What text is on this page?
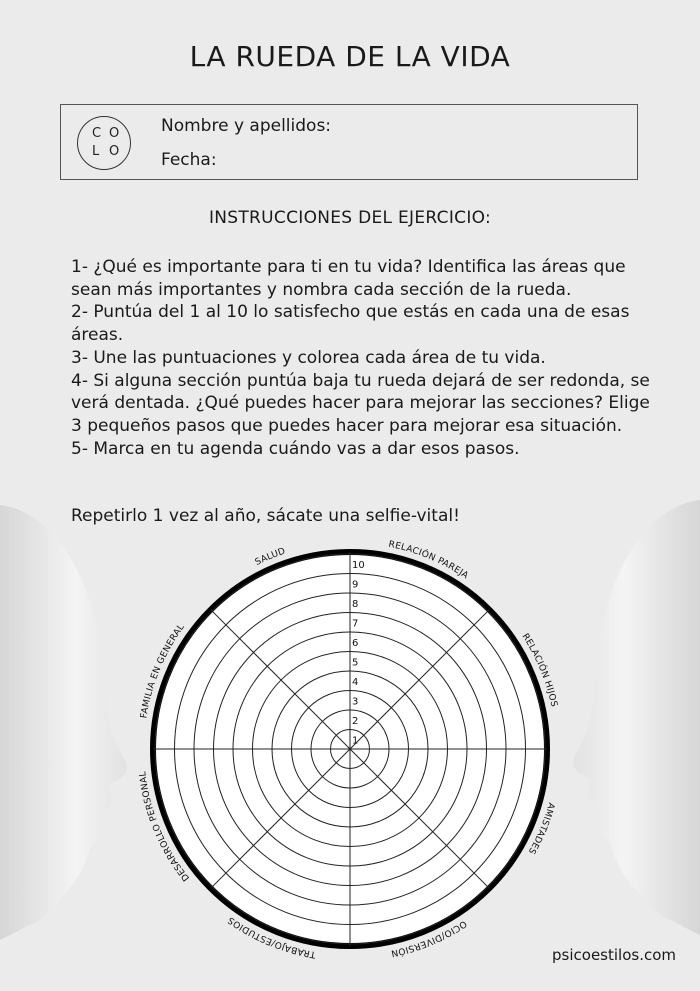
LA RUEDA DE LA VIDA
C O
L O
Nombre y apellidos:
Fecha:
INSTRUCCIONES DEL EJERCICIO:

1- ¿Qué es importante para ti en tu vida? Identifica las áreas que sean más importantes y nombra cada sección de la rueda.

2- Puntúa del 1 al 10 lo satisfecho que estás en cada una de esas áreas.

3- Une las puntuaciones y colorea cada área de tu vida.

4- Si alguna sección puntúa baja tu rueda dejará de ser redonda, se verá dentada. ¿Qué puedes hacer para mejorar las secciones? Elige 3 pequeños pasos que puedes hacer para mejorar esa situación.

5- Marca en tu agenda cuándo vas a dar esos pasos.

Repetirlo 1 vez al año, sácate una selfie-vital!
1
2
3
4
5
6
7
8
9
10
SALUD
RELACIÓN PAREJA
RELACIÓN HIJOS
AMISTADES
OCIO/DIVERSIÓN
TRABAJO/ESTUDIOS
DESARROLLO PERSONAL
FAMILIA EN GENERAL
psicoestilos.com
